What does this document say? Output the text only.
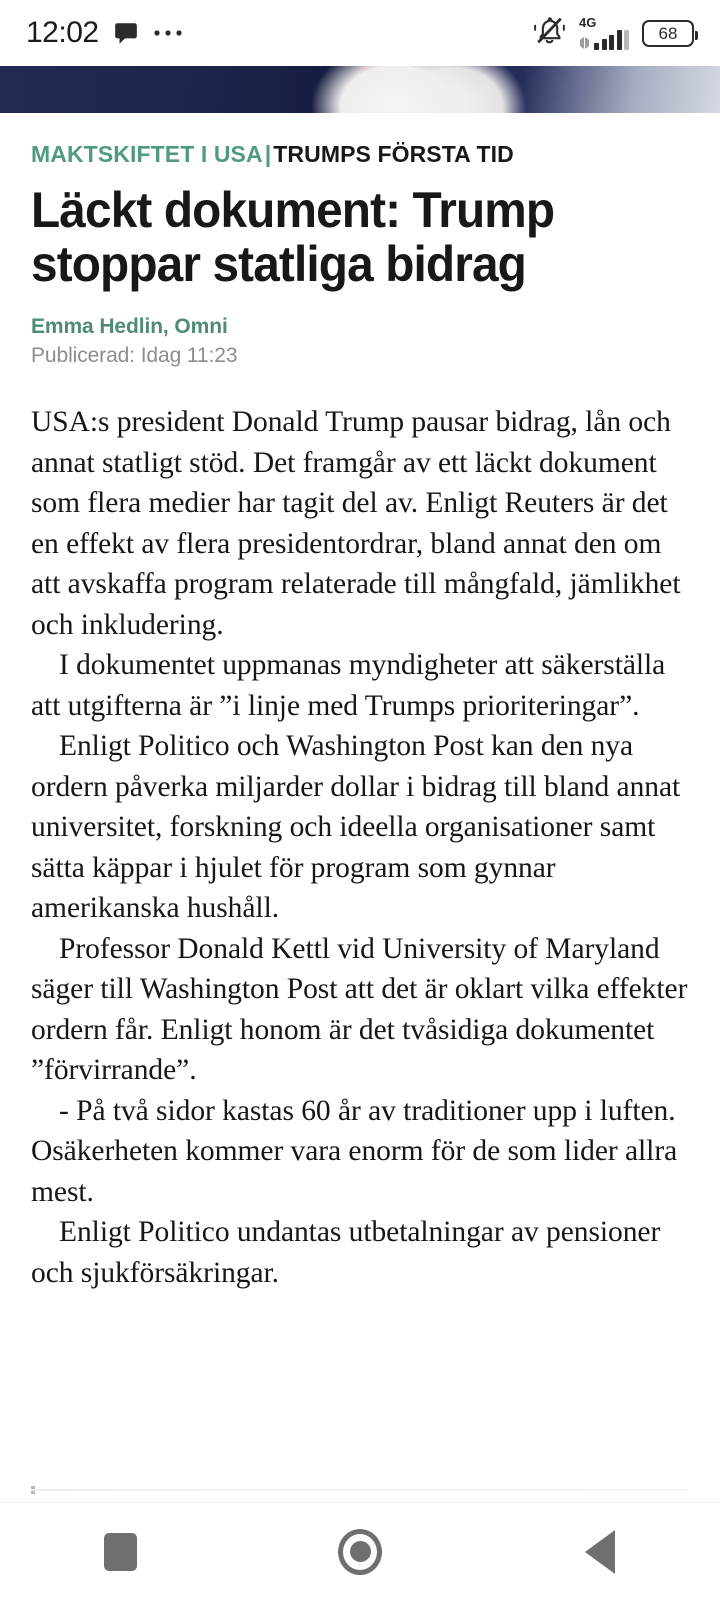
12:02	4G
68
MAKTSKIFTET I USA|TRUMPS FÖRSTA TID
Läckt dokument: Trump stoppar statliga bidrag
Emma Hedlin, Omni
Publicerad: Idag 11:23

USA:s president Donald Trump pausar bidrag, lån och annat statligt stöd. Det framgår av ett läckt dokument som flera medier har tagit del av. Enligt Reuters är det en effekt av flera presidentordrar, bland annat den om att avskaffa program relaterade till mångfald, jämlikhet och inkludering.

I dokumentet uppmanas myndigheter att säkerställa att utgifterna är ”i linje med Trumps prioriteringar”.

Enligt Politico och Washington Post kan den nya ordern påverka miljarder dollar i bidrag till bland annat universitet, forskning och ideella organisationer samt sätta käppar i hjulet för program som gynnar amerikanska hushåll.

Professor Donald Kettl vid University of Maryland säger till Washington Post att det är oklart vilka effekter ordern får. Enligt honom är det tvåsidiga dokumentet ”förvirrande”.

- På två sidor kastas 60 år av traditioner upp i luften. Osäkerheten kommer vara enorm för de som lider allra mest.

Enligt Politico undantas utbetalningar av pensioner och sjukförsäkringar.
